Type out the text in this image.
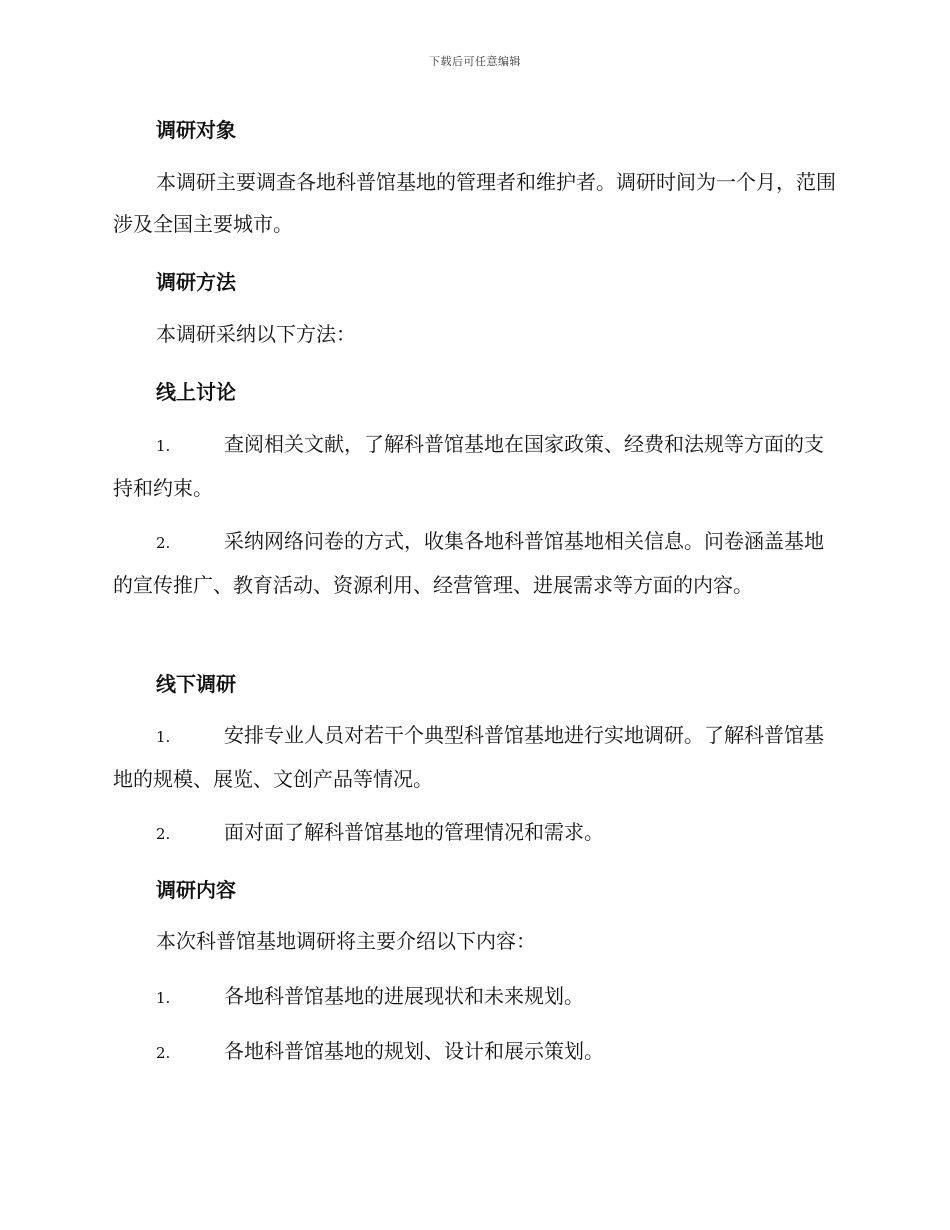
下载后可任意编辑
调研对象
本调研主要调查各地科普馆基地的管理者和维护者。调研时间为一个月，范围涉及全国主要城市。
调研方法
本调研采纳以下方法：
线上讨论
1.	查阅相关文献，了解科普馆基地在国家政策、经费和法规等方面的支持和约束。
2.	采纳网络问卷的方式，收集各地科普馆基地相关信息。问卷涵盖基地的宣传推广、教育活动、资源利用、经营管理、进展需求等方面的内容。
线下调研
1.	安排专业人员对若干个典型科普馆基地进行实地调研。了解科普馆基地的规模、展览、文创产品等情况。
2.	面对面了解科普馆基地的管理情况和需求。
调研内容
本次科普馆基地调研将主要介绍以下内容：
1.	各地科普馆基地的进展现状和未来规划。
2.	各地科普馆基地的规划、设计和展示策划。
